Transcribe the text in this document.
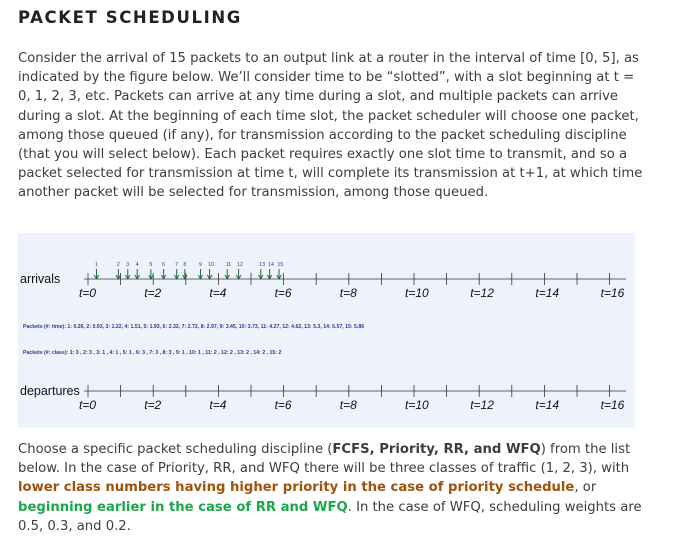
PACKET SCHEDULING
Consider the arrival of 15 packets to an output link at a router in the interval of time [0, 5], as indicated by the figure below. We’ll consider time to be “slotted”, with a slot beginning at t = 0, 1, 2, 3, etc. Packets can arrive at any time during a slot, and multiple packets can arrive during a slot. At the beginning of each time slot, the packet scheduler will choose one packet, among those queued (if any), for transmission according to the packet scheduling discipline (that you will select below). Each packet requires exactly one slot time to transmit, and so a packet selected for transmission at time t, will complete its transmission at t+1, at which time another packet will be selected for transmission, among those queued.
arrivals
t=0	t=2	t=4	t=6	t=8	t=10	t=12	t=14	t=16
departures
t=0	t=2	t=4	t=6	t=8	t=10	t=12	t=14	t=16
1	2 3 4 5 6 7 8 9 10 11 12	13 14 15
Packets (#: time): 1: 0.26, 2: 0.93, 3: 1.22, 4: 1.51, 5: 1.93, 6: 2.32, 7: 2.72, 8: 2.97, 9: 3.45, 10: 3.73, 11: 4.27, 12: 4.62, 13: 5.3, 14: 5.57, 15: 5.86
Packets (#: class): 1: 3 , 2: 3 , 3: 1 , 4: 1 , 5: 1 , 6: 3 , 7: 3 , 8: 3 , 9: 1 , 10: 1 , 11: 2 , 12: 2 , 13: 2 , 14: 2 , 15: 2
Choose a specific packet scheduling discipline (FCFS, Priority, RR, and WFQ) from the list below. In the case of Priority, RR, and WFQ there will be three classes of traffic (1, 2, 3), with lower class numbers having higher priority in the case of priority schedule, or beginning earlier in the case of RR and WFQ. In the case of WFQ, scheduling weights are 0.5, 0.3, and 0.2.
